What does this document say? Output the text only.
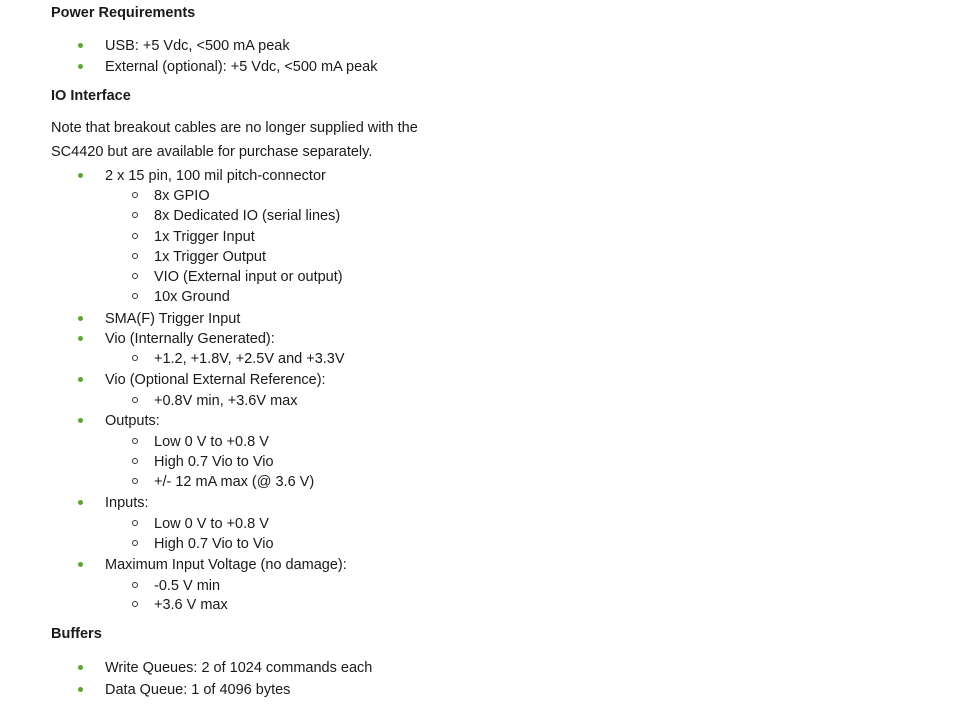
Power Requirements
USB: +5 Vdc, <500 mA peak
External (optional): +5 Vdc, <500 mA peak
IO Interface
Note that breakout cables are no longer supplied with the SC4420 but are available for purchase separately.
2 x 15 pin, 100 mil pitch-connector
8x GPIO
8x Dedicated IO (serial lines)
1x Trigger Input
1x Trigger Output
VIO (External input or output)
10x Ground
SMA(F) Trigger Input
Vio (Internally Generated):
+1.2, +1.8V, +2.5V and +3.3V
Vio (Optional External Reference):
+0.8V min, +3.6V max
Outputs:
Low 0 V to +0.8 V
High 0.7 Vio to Vio
+/- 12 mA max (@ 3.6 V)
Inputs:
Low 0 V to +0.8 V
High 0.7 Vio to Vio
Maximum Input Voltage (no damage):
-0.5 V min
+3.6 V max
Buffers
Write Queues: 2 of 1024 commands each
Data Queue: 1 of 4096 bytes
